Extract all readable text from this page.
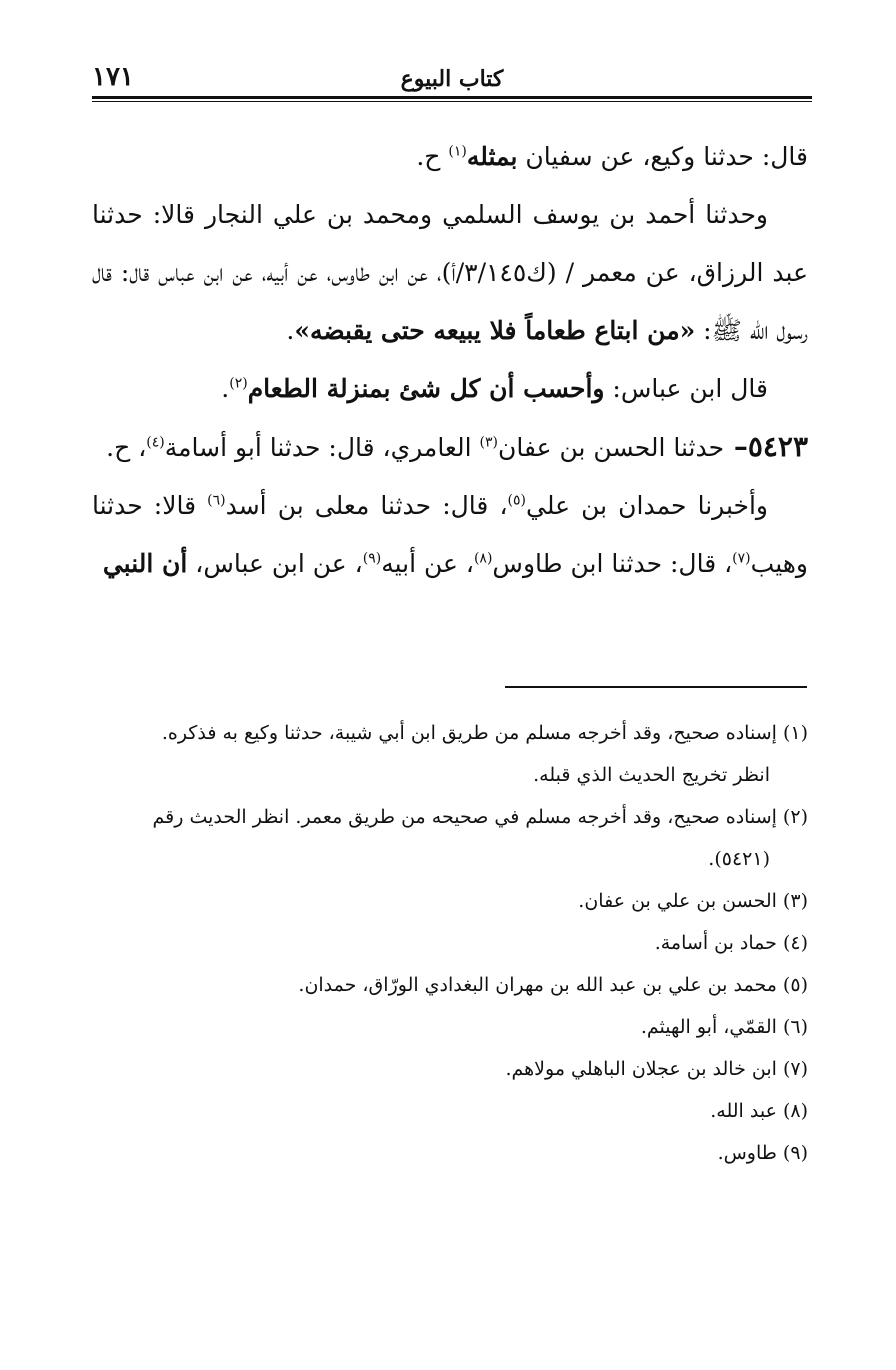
كتاب البيوع
١٧١

قال: حدثنا وكيع، عن سفيان بمثله$^{(١)}$ ح.

وحدثنا أحمد بن يوسف السلمي ومحمد بن علي النجار قالا: حدثنا عبد الرزاق، عن معمر / (ك٣/١٤٥/أ)، عن ابن طاوس، عن أبيه، عن ابن عباس قال: قال رسول الله ﷺ: «من ابتاع طعاماً فلا يبيعه حتى يقبضه».

قال ابن عباس: وأحسب أن كل شئ بمنزلة الطعام$^{(٢)}$.

٥٤٢٣– حدثنا الحسن بن عفان$^{(٣)}$ العامري، قال: حدثنا أبو أسامة$^{(٤)}$، ح.

وأخبرنا حمدان بن علي$^{(٥)}$، قال: حدثنا معلى بن أسد$^{(٦)}$ قالا: حدثنا وهيب$^{(٧)}$، قال: حدثنا ابن طاوس$^{(٨)}$، عن أبيه$^{(٩)}$، عن ابن عباس، أن النبي

(١) إسناده صحيح، وقد أخرجه مسلم من طريق ابن أبي شيبة، حدثنا وكيع به فذكره.

انظر تخريج الحديث الذي قبله.

(٢) إسناده صحيح، وقد أخرجه مسلم في صحيحه من طريق معمر. انظر الحديث رقم

(٥٤٢١).

(٣) الحسن بن علي بن عفان.

(٤) حماد بن أسامة.

(٥) محمد بن علي بن عبد الله بن مهران البغدادي الورّاق، حمدان.

(٦) القمّي، أبو الهيثم.

(٧) ابن خالد بن عجلان الباهلي مولاهم.

(٨) عبد الله.

(٩) طاوس.
